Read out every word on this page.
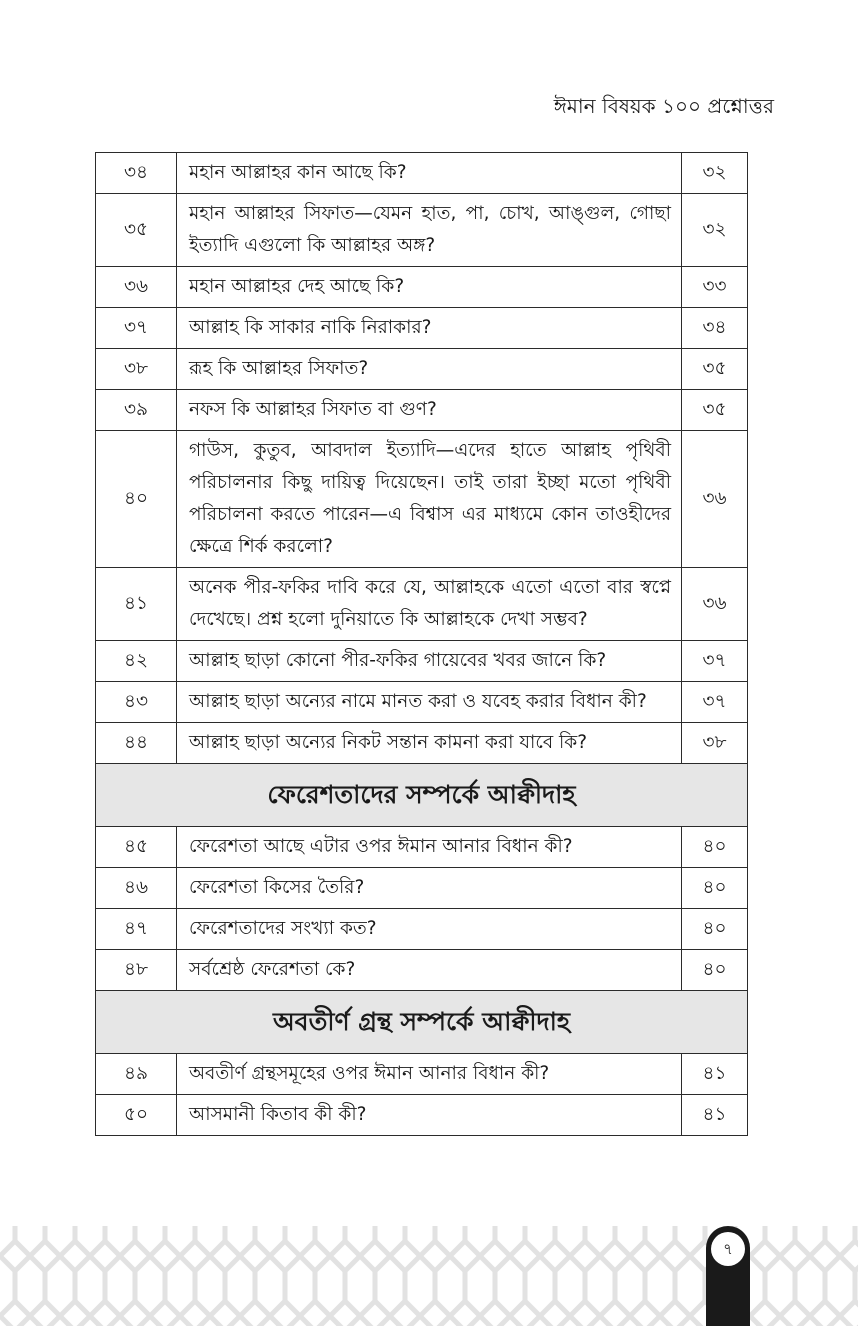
ঈমান বিষয়ক ১০০ প্রশ্নোত্তর
৩৪	মহান আল্লাহর কান আছে কি?	৩২
৩৫	মহান আল্লাহর সিফাত—যেমন হাত, পা, চোখ, আঙ্গুল, গোছা ইত্যাদি এগুলো কি আল্লাহর অঙ্গ?	৩২
৩৬	মহান আল্লাহর দেহ আছে কি?	৩৩
৩৭	আল্লাহ কি সাকার নাকি নিরাকার?	৩৪
৩৮	রূহ কি আল্লাহর সিফাত?	৩৫
৩৯	নফস কি আল্লাহর সিফাত বা গুণ?	৩৫
৪০	গাউস, কুতুব, আবদাল ইত্যাদি—এদের হাতে আল্লাহ পৃথিবী পরিচালনার কিছু দায়িত্ব দিয়েছেন। তাই তারা ইচ্ছা মতো পৃথিবী পরিচালনা করতে পারেন—এ বিশ্বাস এর মাধ্যমে কোন তাওহীদের ক্ষেত্রে শির্ক করলো?	৩৬
৪১	অনেক পীর-ফকির দাবি করে যে, আল্লাহকে এতো এতো বার স্বপ্নে দেখেছে। প্রশ্ন হলো দুনিয়াতে কি আল্লাহকে দেখা সম্ভব?	৩৬
৪২	আল্লাহ ছাড়া কোনো পীর-ফকির গায়েবের খবর জানে কি?	৩৭
৪৩	আল্লাহ ছাড়া অন্যের নামে মানত করা ও যবেহ করার বিধান কী?	৩৭
৪৪	আল্লাহ ছাড়া অন্যের নিকট সন্তান কামনা করা যাবে কি?	৩৮
ফেরেশতাদের সম্পর্কে আক্বীদাহ		
৪৫	ফেরেশতা আছে এটার ওপর ঈমান আনার বিধান কী?	৪০
৪৬	ফেরেশতা কিসের তৈরি?	৪০
৪৭	ফেরেশতাদের সংখ্যা কত?	৪০
৪৮	সর্বশ্রেষ্ঠ ফেরেশতা কে?	৪০
অবতীর্ণ গ্রন্থ সম্পর্কে আক্বীদাহ		
৪৯	অবতীর্ণ গ্রন্থসমূহের ওপর ঈমান আনার বিধান কী?	৪১
৫০	আসমানী কিতাব কী কী?	৪১
৭
